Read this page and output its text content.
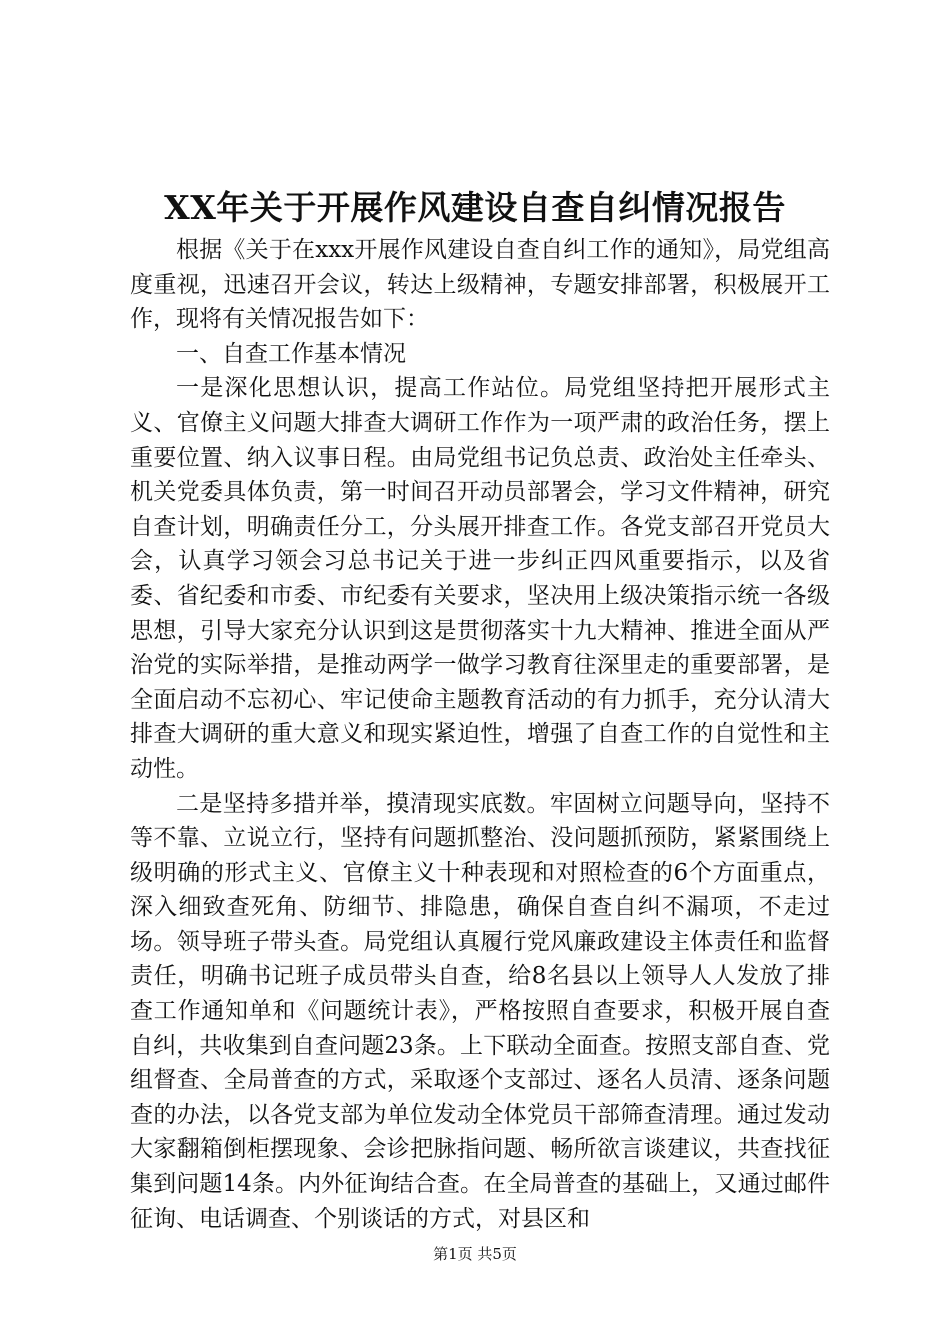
XX年关于开展作风建设自查自纠情况报告

根据《关于在xxx开展作风建设自查自纠工作的通知》，局党组高度重视，迅速召开会议，转达上级精神，专题安排部署，积极展开工作，现将有关情况报告如下：

一、自查工作基本情况

一是深化思想认识，提高工作站位。局党组坚持把开展形式主义、官僚主义问题大排查大调研工作作为一项严肃的政治任务，摆上重要位置、纳入议事日程。由局党组书记负总责、政治处主任牵头、机关党委具体负责，第一时间召开动员部署会，学习文件精神，研究自查计划，明确责任分工，分头展开排查工作。各党支部召开党员大会，认真学习领会习总书记关于进一步纠正四风重要指示，以及省委、省纪委和市委、市纪委有关要求，坚决用上级决策指示统一各级思想，引导大家充分认识到这是贯彻落实十九大精神、推进全面从严治党的实际举措，是推动两学一做学习教育往深里走的重要部署，是全面启动不忘初心、牢记使命主题教育活动的有力抓手，充分认清大排查大调研的重大意义和现实紧迫性，增强了自查工作的自觉性和主动性。

二是坚持多措并举，摸清现实底数。牢固树立问题导向，坚持不等不靠、立说立行，坚持有问题抓整治、没问题抓预防，紧紧围绕上级明确的形式主义、官僚主义十种表现和对照检查的6个方面重点，深入细致查死角、防细节、排隐患，确保自查自纠不漏项，不走过场。领导班子带头查。局党组认真履行党风廉政建设主体责任和监督责任，明确书记班子成员带头自查，给8名县以上领导人人发放了排查工作通知单和《问题统计表》，严格按照自查要求，积极开展自查自纠，共收集到自查问题23条。上下联动全面查。按照支部自查、党组督查、全局普查的方式，采取逐个支部过、逐名人员清、逐条问题查的办法，以各党支部为单位发动全体党员干部筛查清理。通过发动大家翻箱倒柜摆现象、会诊把脉指问题、畅所欲言谈建议，共查找征集到问题14条。内外征询结合查。在全局普查的基础上，又通过邮件征询、电话调查、个别谈话的方式，对县区和

第1页 共5页
